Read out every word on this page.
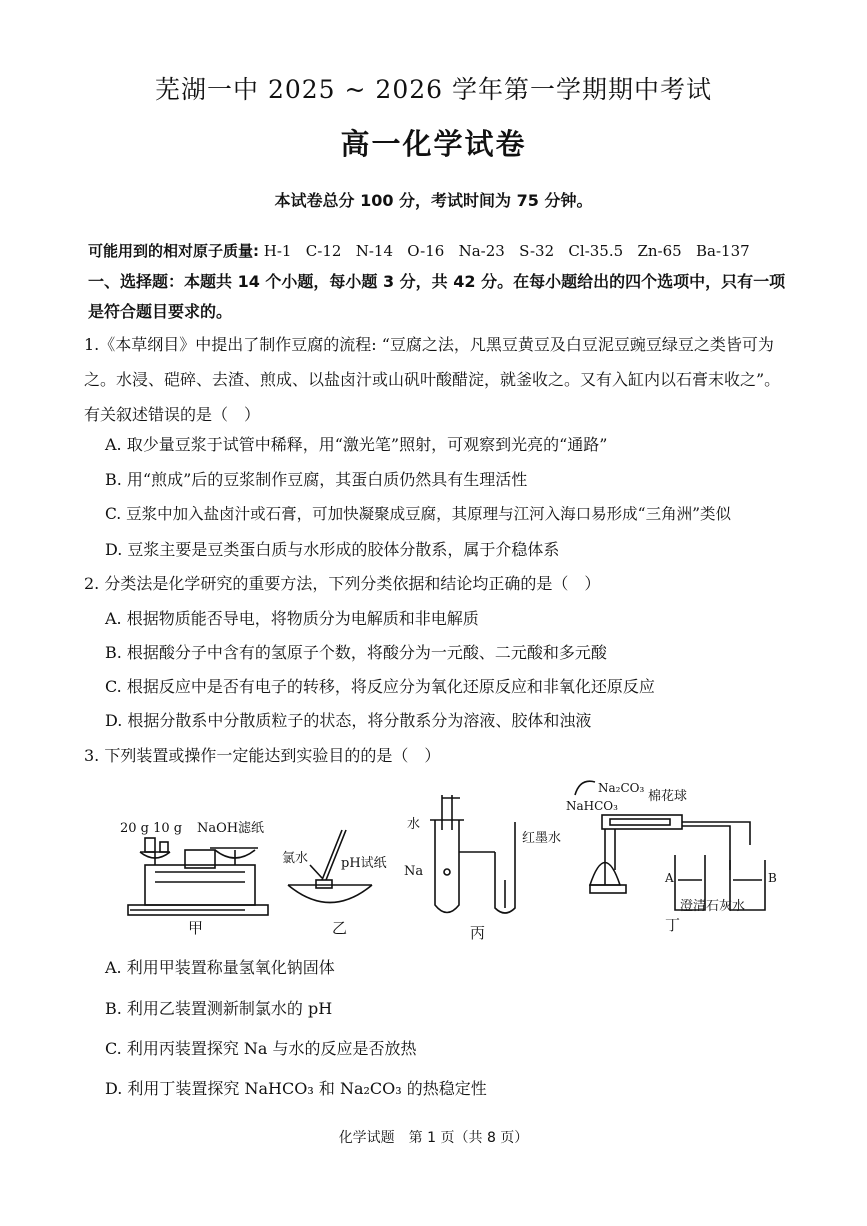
芜湖一中 2025 ~ 2026 学年第一学期期中考试
高一化学试卷
本试卷总分 100 分，考试时间为 75 分钟。
可能用到的相对原子质量: H-1   C-12   N-14   O-16   Na-23   S-32   Cl-35.5   Zn-65   Ba-137
一、选择题：本题共 14 个小题，每小题 3 分，共 42 分。在每小题给出的四个选项中，只有一项是符合题目要求的。
1.《本草纲目》中提出了制作豆腐的流程: “豆腐之法，凡黑豆黄豆及白豆泥豆豌豆绿豆之类皆可为之。水浸、硙碎、去渣、煎成、以盐卤汁或山矾叶酸醋淀，就釜收之。又有入缸内以石膏末收之”。有关叙述错误的是（　）
A. 取少量豆浆于试管中稀释，用“激光笔”照射，可观察到光亮的“通路”
B. 用“煎成”后的豆浆制作豆腐，其蛋白质仍然具有生理活性
C. 豆浆中加入盐卤汁或石膏，可加快凝聚成豆腐，其原理与江河入海口易形成“三角洲”类似
D. 豆浆主要是豆类蛋白质与水形成的胶体分散系，属于介稳体系
2. 分类法是化学研究的重要方法，下列分类依据和结论均正确的是（　）
A. 根据物质能否导电，将物质分为电解质和非电解质
B. 根据酸分子中含有的氢原子个数，将酸分为一元酸、二元酸和多元酸
C. 根据反应中是否有电子的转移，将反应分为氧化还原反应和非氧化还原反应
D. 根据分散系中分散质粒子的状态，将分散系分为溶液、胶体和浊液
3. 下列装置或操作一定能达到实验目的的是（　）
20 g 10 g NaOH 滤纸
甲
氯水	pH试纸
乙
水
Na
红墨水
丙
Na₂CO₃
NaHCO₃
棉花球
A	B
澄清石灰水
丁
A. 利用甲装置称量氢氧化钠固体
B. 利用乙装置测新制氯水的 pH
C. 利用丙装置探究 Na 与水的反应是否放热
D. 利用丁装置探究 NaHCO₃ 和 Na₂CO₃ 的热稳定性
化学试题　第 1 页（共 8 页）
